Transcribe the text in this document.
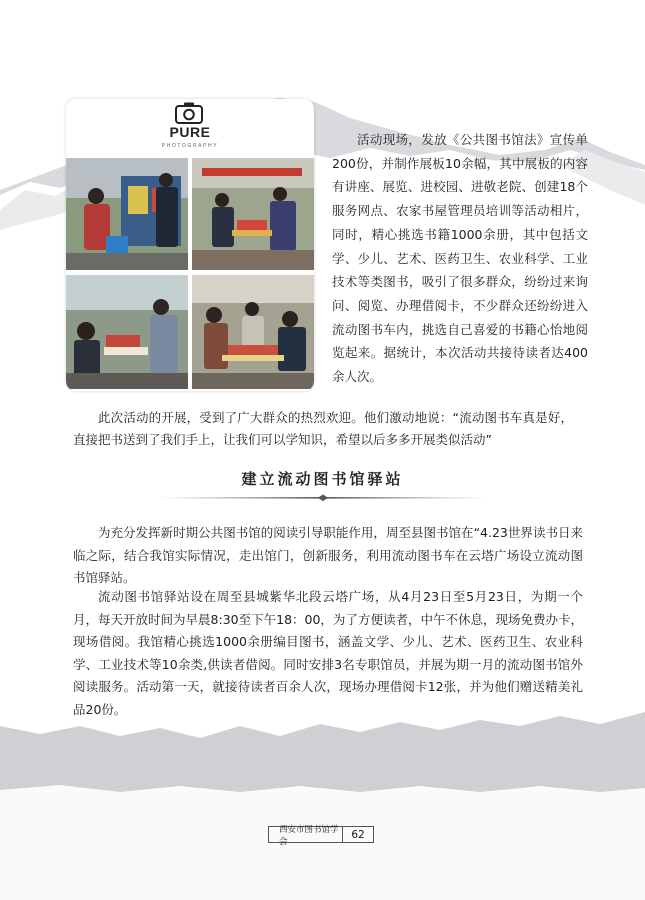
PURE
PHOTOGRAPHY	活动现场，发放《公共图书馆法》宣传单200份，并制作展板10余幅，其中展板的内容有讲座、展览、进校园、进敬老院、创建18个服务网点、农家书屋管理员培训等活动相片，同时，精心挑选书籍1000余册，其中包括文学、少儿、艺术、医药卫生、农业科学、工业技术等类图书，吸引了很多群众，纷纷过来询问、阅览、办理借阅卡，不少群众还纷纷进入流动图书车内，挑选自己喜爱的书籍心怡地阅览起来。据统计，本次活动共接待读者达400余人次。

此次活动的开展，受到了广大群众的热烈欢迎。他们激动地说：“流动图书车真是好，直接把书送到了我们手上，让我们可以学知识，希望以后多多开展类似活动”

建立流动图书馆驿站

为充分发挥新时期公共图书馆的阅读引导职能作用，周至县图书馆在“4.23世界读书日来临之际，结合我馆实际情况，走出馆门，创新服务，利用流动图书车在云塔广场设立流动图书馆驿站。

流动图书馆驿站设在周至县城紫华北段云塔广场，从4月23日至5月23日，为期一个月，每天开放时间为早晨8:30至下午18：00，为了方便读者，中午不休息，现场免费办卡，现场借阅。我馆精心挑选1000余册编目图书，涵盖文学、少儿、艺术、医药卫生、农业科学、工业技术等10余类,供读者借阅。同时安排3名专职馆员，并展为期一月的流动图书馆外阅读服务。活动第一天，就接待读者百余人次，现场办理借阅卡12张，并为他们赠送精美礼品20份。

西安市图书馆学会
62
